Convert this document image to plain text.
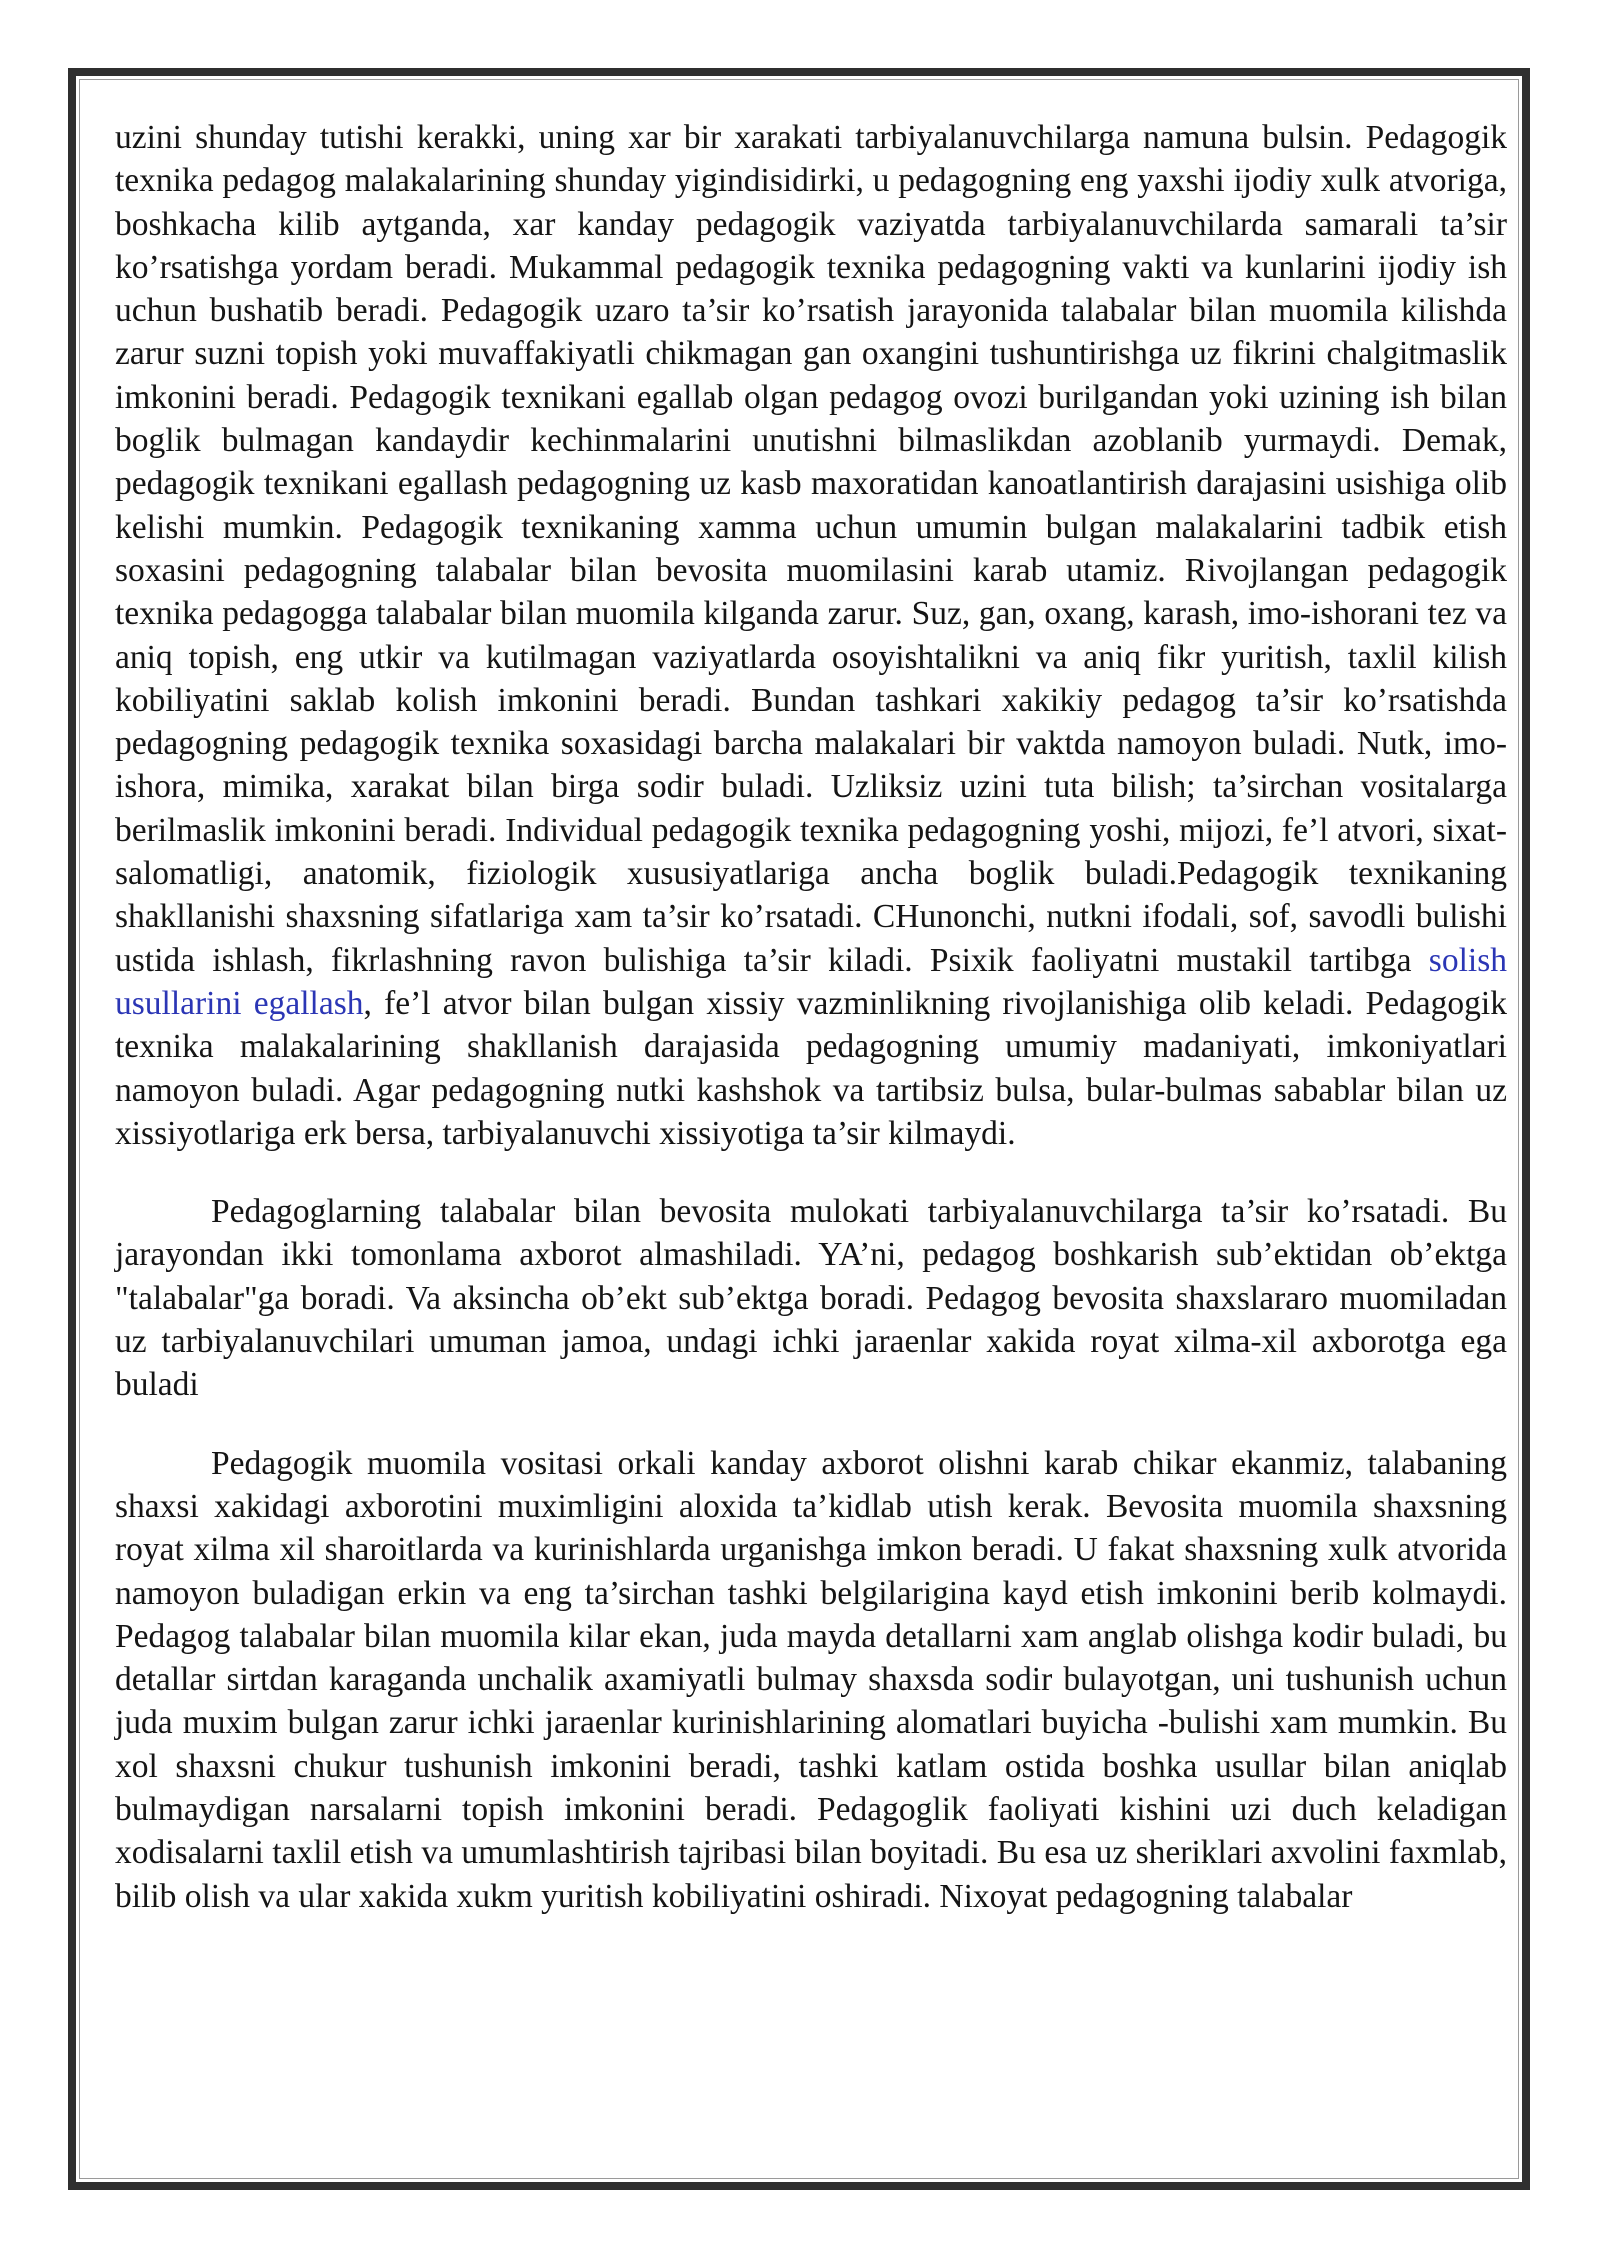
uzini shunday tutishi kerakki, uning xar bir xarakati tarbiyalanuvchilarga namuna bulsin. Pedagogik texnika pedagog malakalarining shunday yigindisidirki, u pedagogning eng yaxshi ijodiy xulk atvoriga, boshkacha kilib aytganda, xar kanday pedagogik vaziyatda tarbiyalanuvchilarda samarali ta’sir ko’rsatishga yordam beradi. Mukammal pedagogik texnika pedagogning vakti va kunlarini ijodiy ish uchun bushatib beradi. Pedagogik uzaro ta’sir ko’rsatish jarayonida talabalar bilan muomila kilishda zarur suzni topish yoki muvaffakiyatli chikmagan gan oxangini tushuntirishga uz fikrini chalgitmaslik imkonini beradi. Pedagogik texnikani egallab olgan pedagog ovozi burilgandan yoki uzining ish bilan boglik bulmagan kandaydir kechinmalarini unutishni bilmaslikdan azoblanib yurmaydi. Demak, pedagogik texnikani egallash pedagogning uz kasb maxoratidan kanoatlantirish darajasini usishiga olib kelishi mumkin. Pedagogik texnikaning xamma uchun umumin bulgan malakalarini tadbik etish soxasini pedagogning talabalar bilan bevosita muomilasini karab utamiz. Rivojlangan pedagogik texnika pedagogga talabalar bilan muomila kilganda zarur. Suz, gan, oxang, karash, imo-ishorani tez va aniq topish, eng utkir va kutilmagan vaziyatlarda osoyishtalikni va aniq fikr yuritish, taxlil kilish kobiliyatini saklab kolish imkonini beradi. Bundan tashkari xakikiy pedagog ta’sir ko’rsatishda pedagogning pedagogik texnika soxasidagi barcha malakalari bir vaktda namoyon buladi. Nutk, imo-ishora, mimika, xarakat bilan birga sodir buladi. Uzliksiz uzini tuta bilish; ta’sirchan vositalarga berilmaslik imkonini beradi. Individual pedagogik texnika pedagogning yoshi, mijozi, fe’l atvori, sixat-salomatligi, anatomik, fiziologik xususiyatlariga ancha boglik buladi.Pedagogik texnikaning shakllanishi shaxsning sifatlariga xam ta’sir ko’rsatadi. CHunonchi, nutkni ifodali, sof, savodli bulishi ustida ishlash, fikrlashning ravon bulishiga ta’sir kiladi. Psixik faoliyatni mustakil tartibga solish usullarini egallash, fe’l atvor bilan bulgan xissiy vazminlikning rivojlanishiga olib keladi. Pedagogik texnika malakalarining shakllanish darajasida pedagogning umumiy madaniyati, imkoniyatlari namoyon buladi. Agar pedagogning nutki kashshok va tartibsiz bulsa, bular-bulmas sabablar bilan uz xissiyotlariga erk bersa, tarbiyalanuvchi xissiyotiga ta’sir kilmaydi.

Pedagoglarning talabalar bilan bevosita mulokati tarbiyalanuvchilarga ta’sir ko’rsatadi. Bu jarayondan ikki tomonlama axborot almashiladi. YA’ni, pedagog boshkarish sub’ektidan ob’ektga "talabalar"ga boradi. Va aksincha ob’ekt sub’ektga boradi. Pedagog bevosita shaxslararo muomiladan uz tarbiyalanuvchilari umuman jamoa, undagi ichki jaraenlar xakida royat xilma-xil axborotga ega buladi

Pedagogik muomila vositasi orkali kanday axborot olishni karab chikar ekanmiz, talabaning shaxsi xakidagi axborotini muximligini aloxida ta’kidlab utish kerak. Bevosita muomila shaxsning royat xilma xil sharoitlarda va kurinishlarda urganishga imkon beradi. U fakat shaxsning xulk atvorida namoyon buladigan erkin va eng ta’sirchan tashki belgilarigina kayd etish imkonini berib kolmaydi. Pedagog talabalar bilan muomila kilar ekan, juda mayda detallarni xam anglab olishga kodir buladi, bu detallar sirtdan karaganda unchalik axamiyatli bulmay shaxsda sodir bulayotgan, uni tushunish uchun juda muxim bulgan zarur ichki jaraenlar kurinishlarining alomatlari buyicha -bulishi xam mumkin. Bu xol shaxsni chukur tushunish imkonini beradi, tashki katlam ostida boshka usullar bilan aniqlab bulmaydigan narsalarni topish imkonini beradi. Pedagoglik faoliyati kishini uzi duch keladigan xodisalarni taxlil etish va umumlashtirish tajribasi bilan boyitadi. Bu esa uz sheriklari axvolini faxmlab, bilib olish va ular xakida xukm yuritish kobiliyatini oshiradi. Nixoyat pedagogning talabalar
